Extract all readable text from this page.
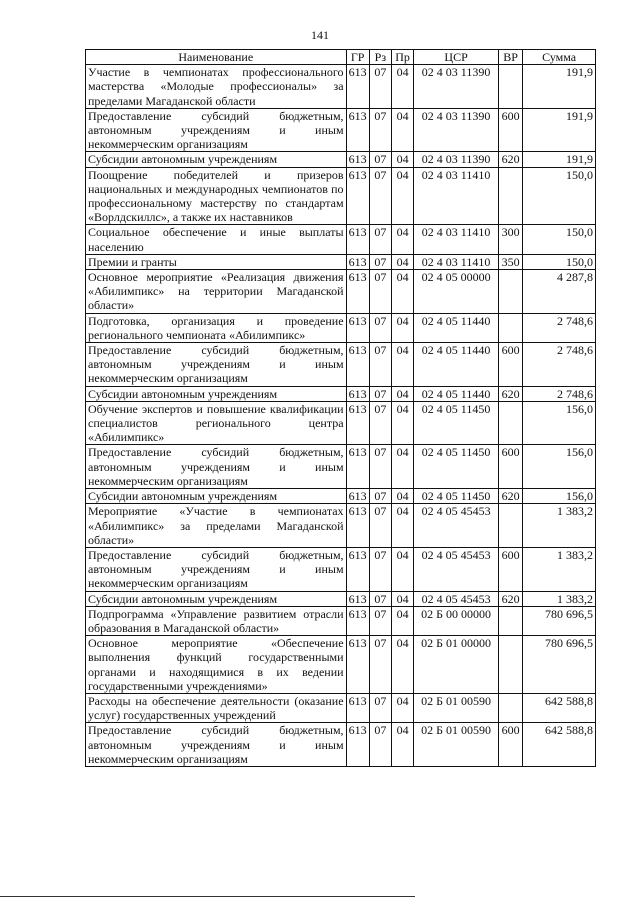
141
Наименование	ГР	Рз	Пр	ЦСР	ВР	Сумма
Участие в чемпионатах профессионального мастерства «Молодые профессионалы» за пределами Магаданской области	613	07	04	02 4 03 11390		191,9
Предоставление субсидий бюджетным, автономным учреждениям и иным некоммерческим организациям	613	07	04	02 4 03 11390	600	191,9
Субсидии автономным учреждениям	613	07	04	02 4 03 11390	620	191,9
Поощрение победителей и призеров национальных и международных чемпионатов по профессиональному мастерству по стандартам «Ворлдскиллс», а также их наставников	613	07	04	02 4 03 11410		150,0
Социальное обеспечение и иные выплаты населению	613	07	04	02 4 03 11410	300	150,0
Премии и гранты	613	07	04	02 4 03 11410	350	150,0
Основное мероприятие «Реализация движения «Абилимпикс» на территории Магаданской области»	613	07	04	02 4 05 00000		4 287,8
Подготовка, организация и проведение регионального чемпионата «Абилимпикс»	613	07	04	02 4 05 11440		2 748,6
Предоставление субсидий бюджетным, автономным учреждениям и иным некоммерческим организациям	613	07	04	02 4 05 11440	600	2 748,6
Субсидии автономным учреждениям	613	07	04	02 4 05 11440	620	2 748,6
Обучение экспертов и повышение квалификации специалистов регионального центра «Абилимпикс»	613	07	04	02 4 05 11450		156,0
Предоставление субсидий бюджетным, автономным учреждениям и иным некоммерческим организациям	613	07	04	02 4 05 11450	600	156,0
Субсидии автономным учреждениям	613	07	04	02 4 05 11450	620	156,0
Мероприятие «Участие в чемпионатах «Абилимпикс» за пределами Магаданской области»	613	07	04	02 4 05 45453		1 383,2
Предоставление субсидий бюджетным, автономным учреждениям и иным некоммерческим организациям	613	07	04	02 4 05 45453	600	1 383,2
Субсидии автономным учреждениям	613	07	04	02 4 05 45453	620	1 383,2
Подпрограмма «Управление развитием отрасли образования в Магаданской области»	613	07	04	02 Б 00 00000		780 696,5
Основное мероприятие «Обеспечение выполнения функций государственными органами и находящимися в их ведении государственными учреждениями»	613	07	04	02 Б 01 00000		780 696,5
Расходы на обеспечение деятельности (оказание услуг) государственных учреждений	613	07	04	02 Б 01 00590		642 588,8
Предоставление субсидий бюджетным, автономным учреждениям и иным некоммерческим организациям	613	07	04	02 Б 01 00590	600	642 588,8
